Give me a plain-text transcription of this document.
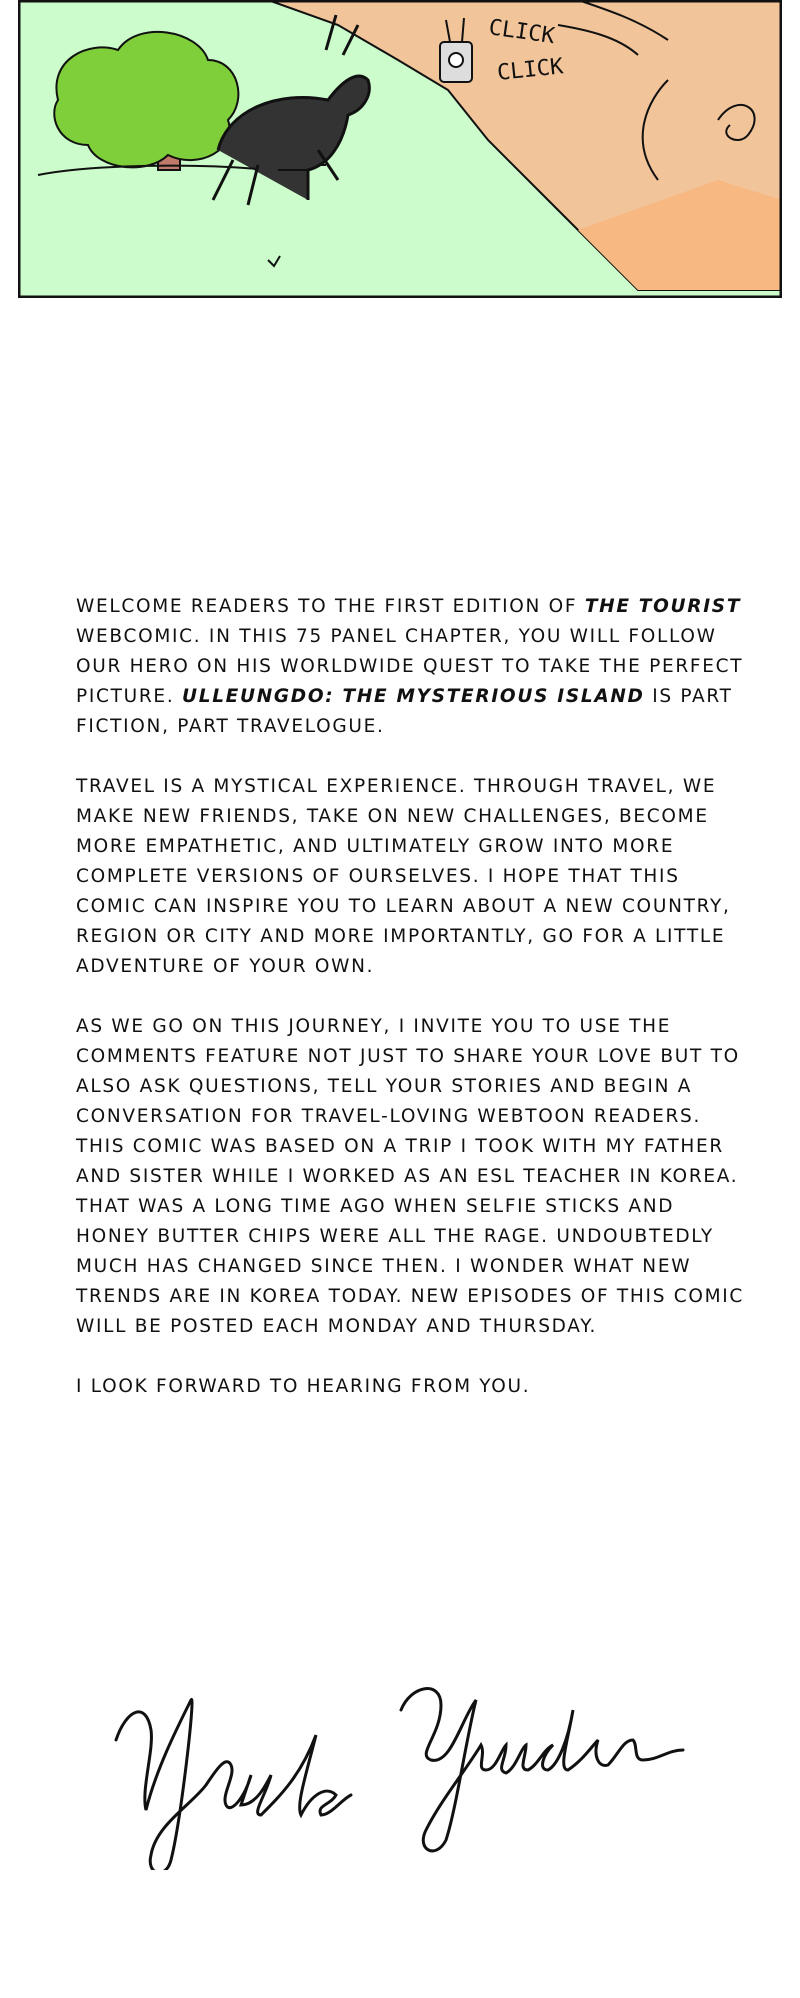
CLICK
CLICK

WELCOME READERS TO THE FIRST EDITION OF THE TOURIST WEBCOMIC. IN THIS 75 PANEL CHAPTER, YOU WILL FOLLOW OUR HERO ON HIS WORLDWIDE QUEST TO TAKE THE PERFECT PICTURE. ULLEUNGDO: THE MYSTERIOUS ISLAND IS PART FICTION, PART TRAVELOGUE.

TRAVEL IS A MYSTICAL EXPERIENCE. THROUGH TRAVEL, WE MAKE NEW FRIENDS, TAKE ON NEW CHALLENGES, BECOME MORE EMPATHETIC, AND ULTIMATELY GROW INTO MORE COMPLETE VERSIONS OF OURSELVES. I HOPE THAT THIS COMIC CAN INSPIRE YOU TO LEARN ABOUT A NEW COUNTRY, REGION OR CITY AND MORE IMPORTANTLY, GO FOR A LITTLE ADVENTURE OF YOUR OWN.

AS WE GO ON THIS JOURNEY, I INVITE YOU TO USE THE COMMENTS FEATURE NOT JUST TO SHARE YOUR LOVE BUT TO ALSO ASK QUESTIONS, TELL YOUR STORIES AND BEGIN A CONVERSATION FOR TRAVEL-LOVING WEBTOON READERS. THIS COMIC WAS BASED ON A TRIP I TOOK WITH MY FATHER AND SISTER WHILE I WORKED AS AN ESL TEACHER IN KOREA. THAT WAS A LONG TIME AGO WHEN SELFIE STICKS AND HONEY BUTTER CHIPS WERE ALL THE RAGE. UNDOUBTEDLY MUCH HAS CHANGED SINCE THEN. I WONDER WHAT NEW TRENDS ARE IN KOREA TODAY. NEW EPISODES OF THIS COMIC WILL BE POSTED EACH MONDAY AND THURSDAY.

I LOOK FORWARD TO HEARING FROM YOU.
